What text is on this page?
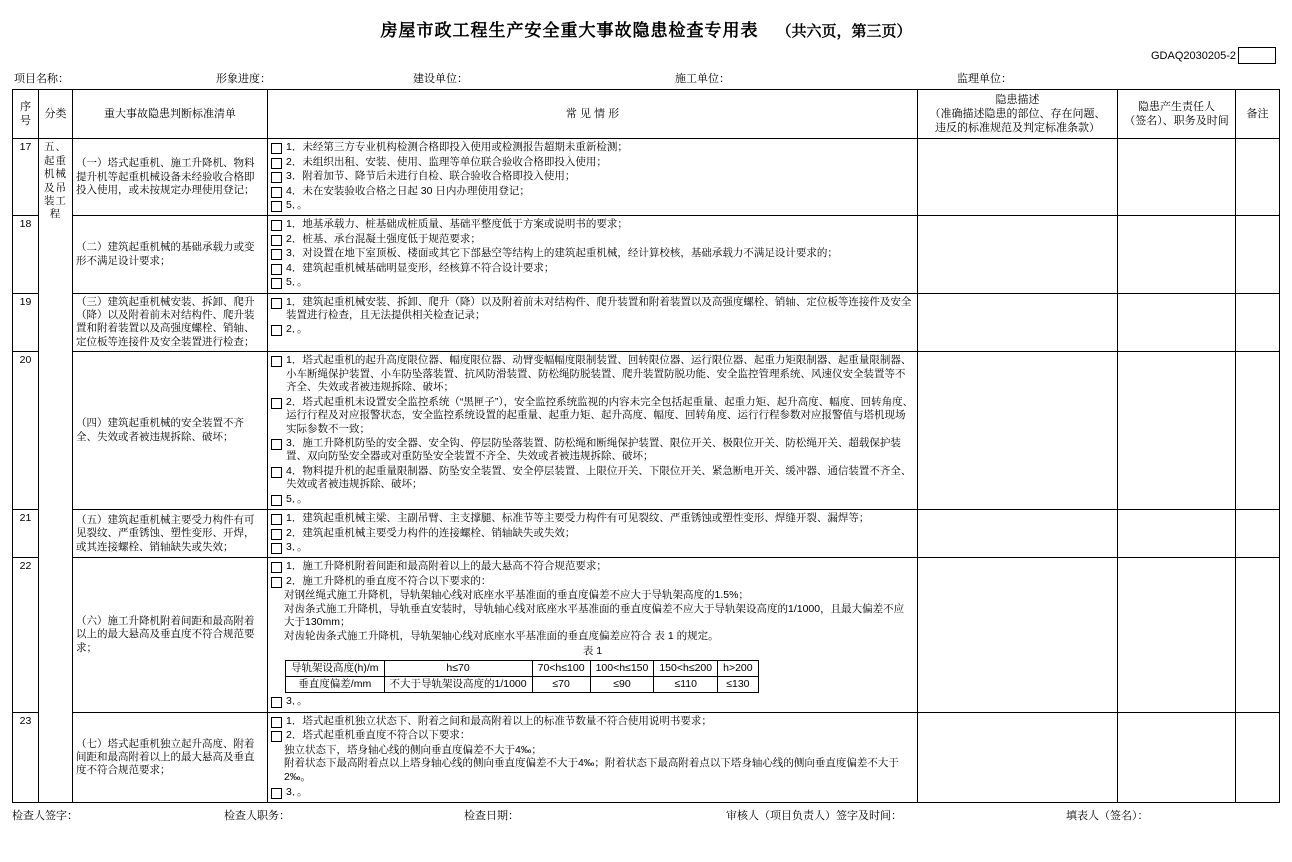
房屋市政工程生产安全重大事故隐患检查专用表 （共六页，第三页）
GDAQ2030205-2
项目名称：	形象进度：	建设单位：	施工单位：	监理单位：
序号	分类	重大事故隐患判断标准清单	常 见 情 形	
隐患描述
（准确描述隐患的部位、存在问题、
违反的标准规范及判定标准条款）

隐患产生责任人
（签名）、职务及时间
	备注
17	五、起重
机械及吊
装工程
	（一）塔式起重机、施工升降机、物料提升机等起重机械设备未经验收合格即投入使用，或未按规定办理使用登记；	
1．未经第三方专业机构检测合格即投入使用或检测报告超期未重新检测；
2．未组织出租、安装、使用、监理等单位联合验收合格即投入使用；
3．附着加节、降节后未进行自检、联合验收合格即投入使用；
4．未在安装验收合格之日起 30 日内办理使用登记；
5． 。

18	（二）建筑起重机械的基础承载力或变形不满足设计要求；	
1．地基承载力、桩基础成桩质量、基础平整度低于方案或说明书的要求；
2．桩基、承台混凝土强度低于规范要求；
3．对设置在地下室顶板、楼面或其它下部悬空等结构上的建筑起重机械，经计算校核，基础承载力不满足设计要求的；
4．建筑起重机械基础明显变形，经核算不符合设计要求；
5． 。

19	（三）建筑起重机械安装、拆卸、爬升（降）以及附着前未对结构件、爬升装置和附着装置以及高强度螺栓、销轴、定位板等连接件及安全装置进行检查；	
1．建筑起重机械安装、拆卸、爬升（降）以及附着前未对结构件、爬升装置和附着装置以及高强度螺栓、销轴、定位板等连接件及安全装置进行检查，且无法提供相关检查记录；
2． 。

20	（四）建筑起重机械的安全装置不齐全、失效或者被违规拆除、破坏；	
1．塔式起重机的起升高度限位器、幅度限位器、动臂变幅幅度限制装置、回转限位器、运行限位器、起重力矩限制器、起重量限制器、小车断绳保护装置、小车防坠落装置、抗风防滑装置、防松绳防脱装置、爬升装置防脱功能、安全监控管理系统、风速仪安全装置等不齐全、失效或者被违规拆除、破坏；
2．塔式起重机未设置安全监控系统（“黑匣子”），安全监控系统监视的内容未完全包括起重量、起重力矩、起升高度、幅度、回转角度、运行行程及对应报警状态，安全监控系统设置的起重量、起重力矩、起升高度、幅度、回转角度、运行行程参数对应报警值与塔机现场实际参数不一致；
3．施工升降机防坠的安全器、安全钩、停层防坠落装置、防松绳和断绳保护装置、限位开关、极限位开关、防松绳开关、超载保护装置、双向防坠安全器或对重防坠安全装置不齐全、失效或者被违规拆除、破坏；
4．物料提升机的起重量限制器、防坠安全装置、安全停层装置、上限位开关、下限位开关、紧急断电开关、缓冲器、通信装置不齐全、失效或者被违规拆除、破坏；
5． 。

21	（五）建筑起重机械主要受力构件有可见裂纹、严重锈蚀、塑性变形、开焊，或其连接螺栓、销轴缺失或失效；	
1．建筑起重机械主梁、主副吊臂、主支撑腿、标准节等主要受力构件有可见裂纹、严重锈蚀或塑性变形、焊缝开裂、漏焊等；
2．建筑起重机械主要受力构件的连接螺栓、销轴缺失或失效；
3． 。

22	（六）施工升降机附着间距和最高附着以上的最大悬高及垂直度不符合规范要求；	
1．施工升降机附着间距和最高附着以上的最大悬高不符合规范要求；
2．施工升降机的垂直度不符合以下要求的：
对钢丝绳式施工升降机，导轨架轴心线对底座水平基准面的垂直度偏差不应大于导轨架高度的1.5%；
对齿条式施工升降机，导轨垂直安装时，导轨轴心线对底座水平基准面的垂直度偏差不应大于导轨架设高度的1/1000，且最大偏差不应大于130mm；
对齿轮齿条式施工升降机，导轨架轴心线对底座水平基准面的垂直度偏差应符合 表 1 的规定。
表 1
导轨架设高度(h)/m	h≤70	70<h≤100	100<h≤150	150<h≤200	h>200
垂直度偏差/mm	不大于导轨架设高度的1/1000	≤70	≤90	≤110	≤130
3． 。

23	（七）塔式起重机独立起升高度、附着间距和最高附着以上的最大悬高及垂直度不符合规范要求；	
1．塔式起重机独立状态下、附着之间和最高附着以上的标准节数量不符合使用说明书要求；
2．塔式起重机垂直度不符合以下要求：
独立状态下，塔身轴心线的侧向垂直度偏差不大于4‰；
附着状态下最高附着点以上塔身轴心线的侧向垂直度偏差不大于4‰；附着状态下最高附着点以下塔身轴心线的侧向垂直度偏差不大于2‰。
3． 。

检查人签字：	检查人职务：	检查日期：	审核人（项目负责人）签字及时间：	填表人（签名）：
